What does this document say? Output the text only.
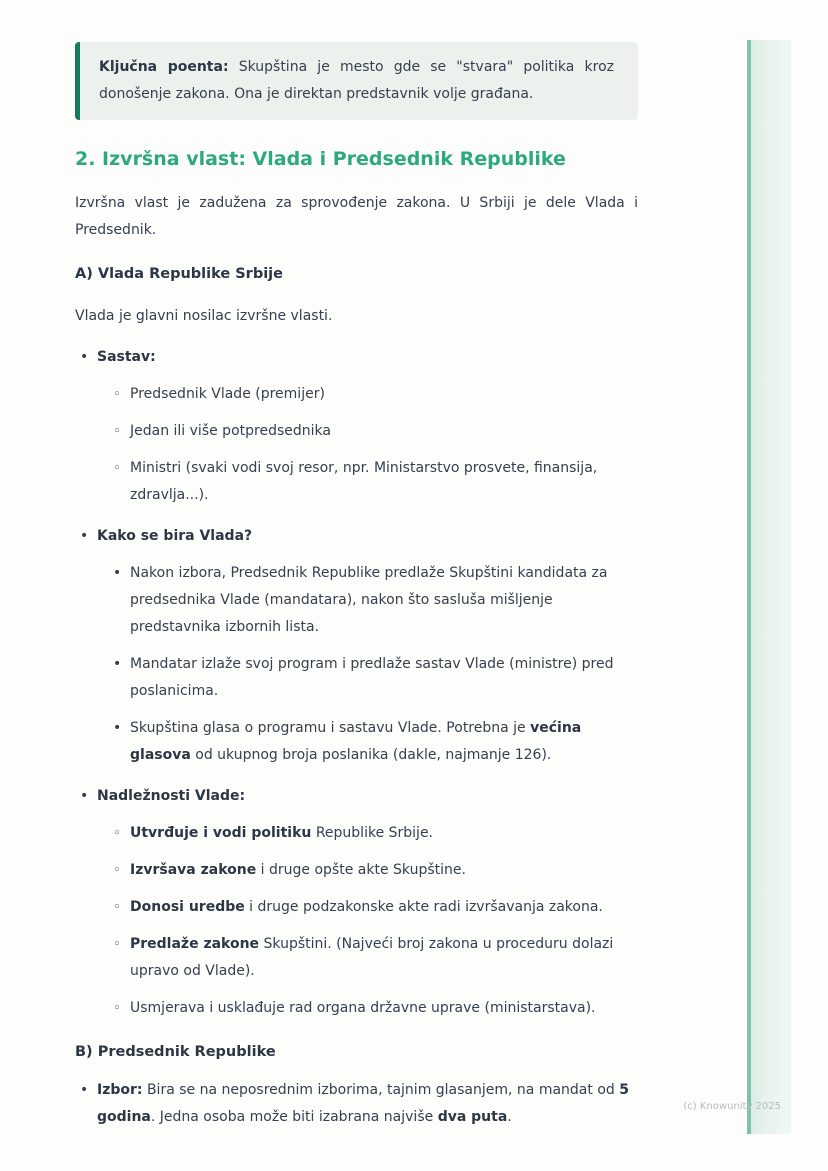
Ključna poenta: Skupština je mesto gde se "stvara" politika kroz donošenje zakona. Ona je direktan predstavnik volje građana.
2. Izvršna vlast: Vlada i Predsednik Republike

Izvršna vlast je zadužena za sprovođenje zakona. U Srbiji je dele Vlada i Predsednik.

A) Vlada Republike Srbije

Vlada je glavni nosilac izvršne vlasti.

•
Sastav:
◦
Predsednik Vlade (premijer)
◦
Jedan ili više potpredsednika
◦
Ministri (svaki vodi svoj resor, npr. Ministarstvo prosvete, finansija, zdravlja...).
•
Kako se bira Vlada?
•
Nakon izbora, Predsednik Republike predlaže Skupštini kandidata za predsednika Vlade (mandatara), nakon što sasluša mišljenje predstavnika izbornih lista.
•
Mandatar izlaže svoj program i predlaže sastav Vlade (ministre) pred poslanicima.
•
Skupština glasa o programu i sastavu Vlade. Potrebna je većina glasova od ukupnog broja poslanika (dakle, najmanje 126).
•
Nadležnosti Vlade:
◦
Utvrđuje i vodi politiku Republike Srbije.
◦
Izvršava zakone i druge opšte akte Skupštine.
◦
Donosi uredbe i druge podzakonske akte radi izvršavanja zakona.
◦
Predlaže zakone Skupštini. (Najveći broj zakona u proceduru dolazi upravo od Vlade).
◦
Usmjerava i usklađuje rad organa državne uprave (ministarstava).
B) Predsednik Republike
•
Izbor: Bira se na neposrednim izborima, tajnim glasanjem, na mandat od 5 godina. Jedna osoba može biti izabrana najviše dva puta.
(c) Knowunity 2025
